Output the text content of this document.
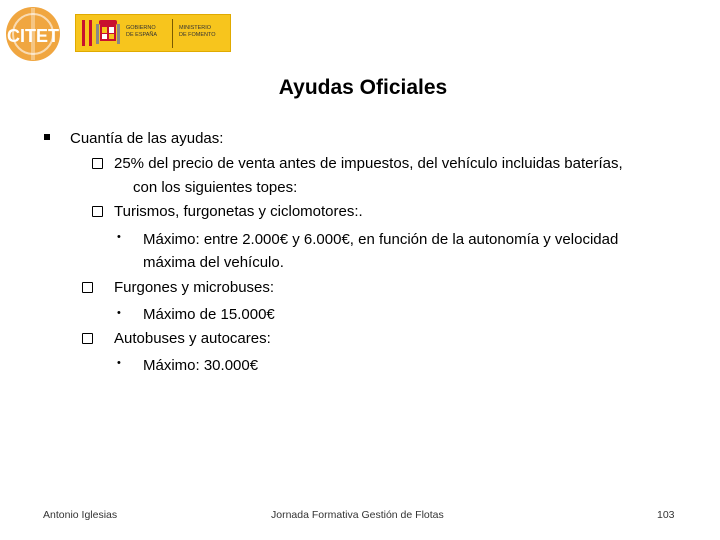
CITET	GOBIERNO
DE ESPAÑA
MINISTERIO
DE FOMENTO
Ayudas Oficiales
Cuantía de las ayudas:
25% del precio de venta antes de impuestos, del vehículo incluidas baterías,
con los siguientes topes:
Turismos, furgonetas y ciclomotores:.
• Máximo: entre 2.000€ y 6.000€, en función de la autonomía y velocidad
máxima del vehículo.
Furgones y microbuses:
• Máximo de 15.000€
Autobuses y autocares:
• Máximo: 30.000€
Antonio Iglesias	Jornada Formativa Gestión de Flotas	103
